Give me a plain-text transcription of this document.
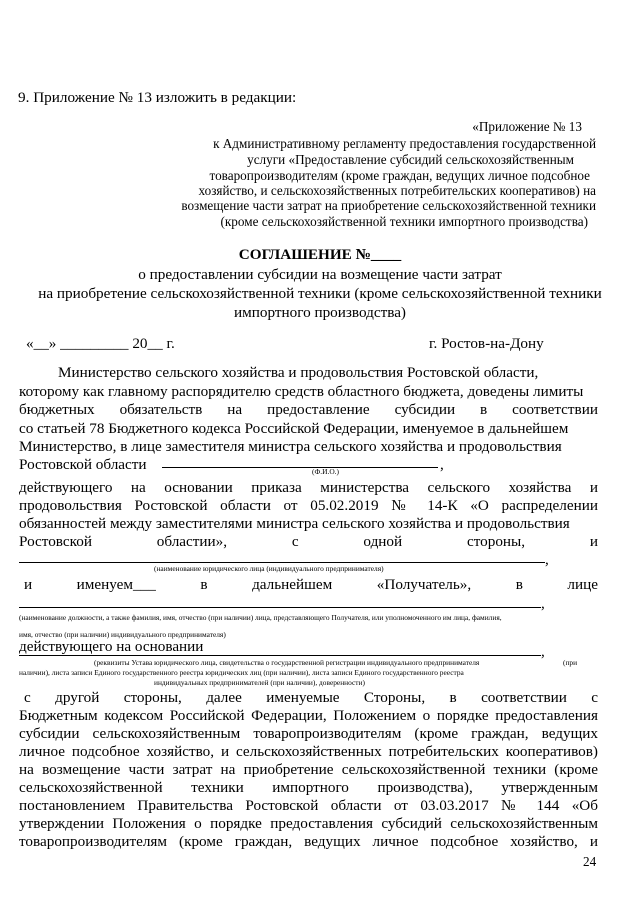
9. Приложение № 13 изложить в редакции:
«Приложение № 13
к Административному регламенту предоставления государственной
услуги «Предоставление субсидий сельскохозяйственным
товаропроизводителям (кроме граждан, ведущих личное подсобное
хозяйство, и сельскохозяйственных потребительских кооперативов) на
возмещение части затрат на приобретение сельскохозяйственной техники
(кроме сельскохозяйственной техники импортного производства)
СОГЛАШЕНИЕ №____
о предоставлении субсидии на возмещение части затрат
на приобретение сельскохозяйственной техники (кроме сельскохозяйственной техники
импортного производства)
«__» _________ 20__ г.	г. Ростов-на-Дону
Министерство сельского хозяйства и продовольствия Ростовской области,
которому как главному распорядителю средств областного бюджета, доведены лимиты
бюджетных обязательств на предоставление субсидии в соответствии
со статьей 78 Бюджетного кодекса Российской Федерации, именуемое в дальнейшем
Министерство, в лице заместителя министра сельского хозяйства и продовольствия
Ростовской области	,
(Ф.И.О.)
действующего на основании приказа министерства сельского хозяйства и
продовольствия Ростовской области от 05.02.2019 № 14-К «О распределении
обязанностей между заместителями министра сельского хозяйства и продовольствия
Ростовской областии», с одной стороны, и
,
(наименование юридического лица (индивидуального предпринимателя)
и именуем___ в дальнейшем «Получатель», в лице
,
(наименование должности, а также фамилия, имя, отчество (при наличии) лица, представляющего Получателя, или уполномоченного им лица, фамилия,
имя, отчество (при наличии) индивидуального предпринимателя)
действующего на основании	,
(реквизиты Устава юридического лица, свидетельства о государственной регистрации индивидуального предпринимателя	(при
наличии), листа записи Единого государственного реестра юридических лиц (при наличии), листа записи Единого государственного реестра
индивидуальных предпринимателей (при наличии), доверенности)
с другой стороны, далее именуемые Стороны, в соответствии с
Бюджетным кодексом Российской Федерации, Положением о порядке предоставления
субсидии сельскохозяйственным товаропроизводителям (кроме граждан, ведущих
личное подсобное хозяйство, и сельскохозяйственных потребительских кооперативов)
на возмещение части затрат на приобретение сельскохозяйственной техники (кроме
сельскохозяйственной техники импортного производства), утвержденным
постановлением Правительства Ростовской области от 03.03.2017 № 144 «Об
утверждении Положения о порядке предоставления субсидий сельскохозяйственным
товаропроизводителям (кроме граждан, ведущих личное подсобное хозяйство, и
24
